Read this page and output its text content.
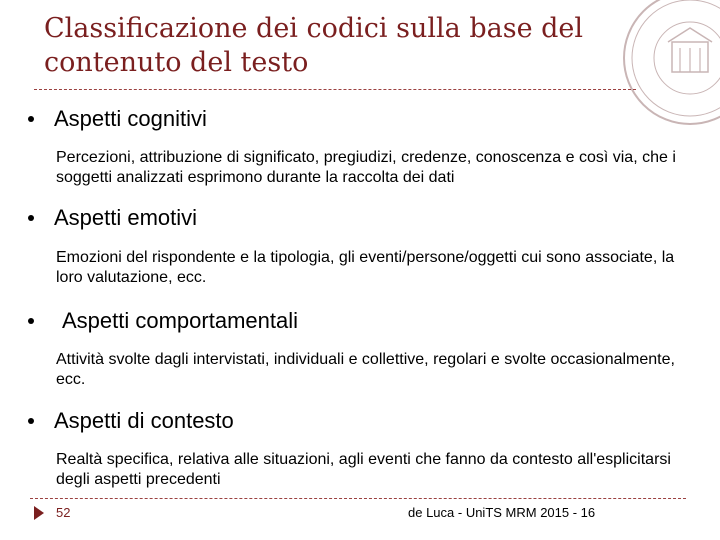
Classificazione dei codici sulla base del contenuto del testo
Aspetti cognitivi
Percezioni, attribuzione di significato, pregiudizi, credenze, conoscenza e così via, che i soggetti analizzati esprimono durante la raccolta dei dati
Aspetti emotivi
Emozioni del rispondente e la tipologia, gli eventi/persone/oggetti cui sono associate, la loro valutazione, ecc.
Aspetti comportamentali
Attività svolte dagli intervistati, individuali e collettive, regolari e svolte occasionalmente, ecc.
Aspetti di contesto
Realtà specifica, relativa alle situazioni, agli eventi che fanno da contesto all'esplicitarsi degli aspetti precedenti
52	de Luca - UniTS MRM 2015 - 16
